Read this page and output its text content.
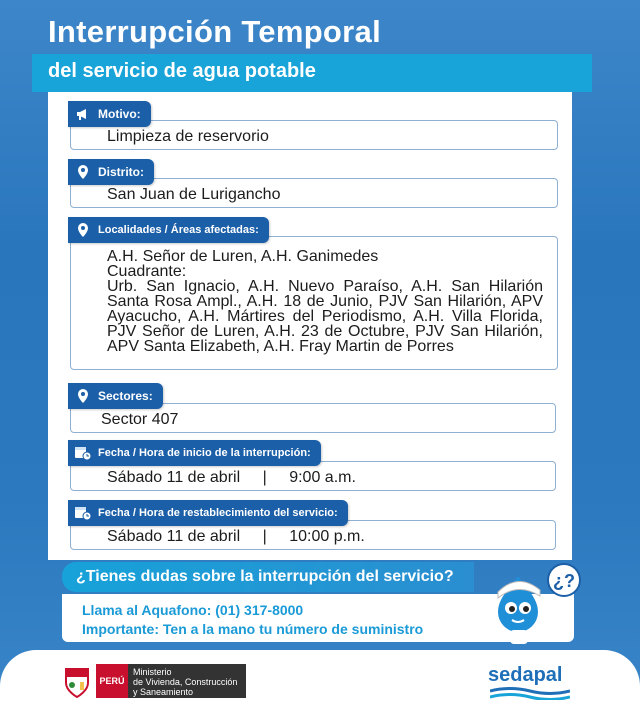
Interrupción Temporal
del servicio de agua potable
Limpieza de reservorio
Motivo:
San Juan de Lurigancho
Distrito:
A.H. Señor de Luren, A.H. Ganimedes
Cuadrante:
Urb. San Ignacio, A.H. Nuevo Paraíso, A.H. San Hilarión Santa Rosa Ampl., A.H. 18 de Junio, PJV San Hilarión, APV Ayacucho, A.H. Mártires del Periodismo, A.H. Villa Florida, PJV Señor de Luren, A.H. 23 de Octubre, PJV San Hilarión, APV Santa Elizabeth, A.H. Fray Martin de Porres
Localidades / Áreas afectadas:
Sector 407
Sectores:
Sábado 11 de abril | 9:00 a.m.
Fecha / Hora de inicio de la interrupción:
Sábado 11 de abril | 10:00 p.m.
Fecha / Hora de restablecimiento del servicio:
¿Tienes dudas sobre la interrupción del servicio?
Llama al Aquafono: (01) 317-8000
Importante: Ten a la mano tu número de suministro
¿?
PERÚ
Ministerio
de Vivienda, Construcción
y Saneamiento
sedapal
